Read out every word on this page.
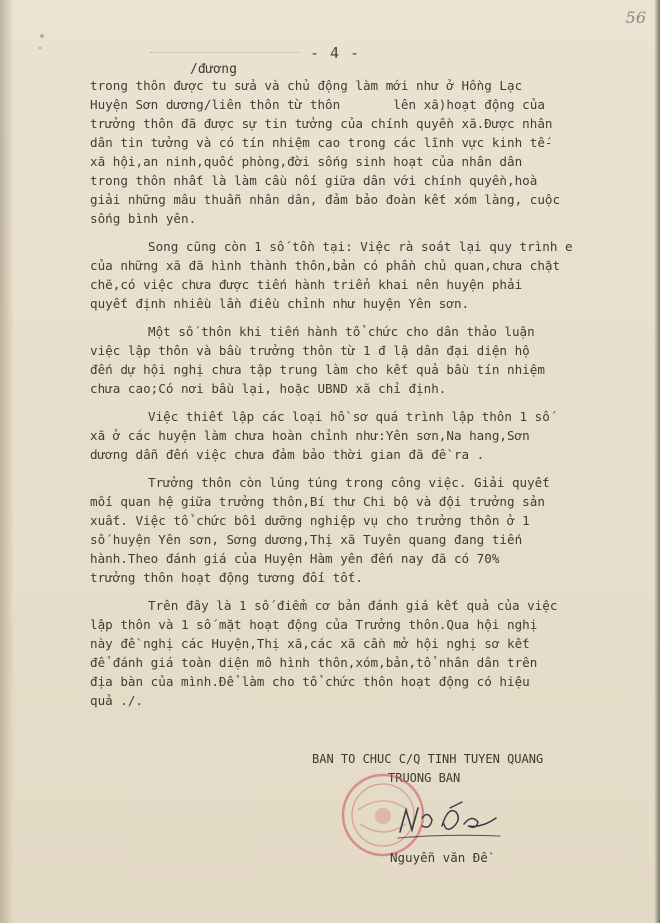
56
- 4 -
/đương
trong thôn được tu sửa và chủ động làm mới như ở Hồng Lạc
Huyện Sơn dương/liên thôn từ thôn       lên xã)hoạt động của
trưởng thôn đã được sự tin tưởng của chính quyền xã.Được nhân
dân tin tưởng và có tín nhiệm cao trong các lĩnh vực kinh tế-
xã hội,an ninh,quốc phòng,đời sống sinh hoạt của nhân dân
trong thôn nhất là làm cầu nối giữa dân với chính quyền,hoà
giải những mâu thuẫn nhân dân, đảm bảo đoàn kết xóm làng, cuộc
sống bình yên.
Song cũng còn 1 số tồn tại: Việc rà soát lại quy trình e
của những xã đã hình thành thôn,bản có phần chủ quan,chưa chặt
chẽ,có việc chưa được tiến hành triển khai nên huyện phải
quyết định nhiều lần điều chỉnh như huyện Yên sơn.
Một số thôn khi tiến hành tổ chức cho dân thảo luận
việc lập thôn và bầu trưởng thôn từ 1 đ lậ dân đại diện hộ
đến dự hội nghị chưa tập trung làm cho kết quả bầu tín nhiệm
chưa cao;Có nơi bầu lại, hoặc UBND xã chỉ định.
Việc thiết lập các loại hồ sơ quá trình lập thôn 1 số
xã ở các huyện làm chưa hoàn chỉnh như:Yên sơn,Na hang,Sơn
dương dẫn đến việc chưa đảm bảo thời gian đã đề ra .
Trưởng thôn còn lúng túng trong công việc. Giải quyết
mối quan hệ giữa trưởng thôn,Bí thư Chi bộ và đội trưởng sản
xuất. Việc tổ chức bồi dưỡng nghiệp vụ cho trưởng thôn ở 1
số huyện Yên sơn, Sơng dương,Thị xã Tuyên quang đang tiến
hành.Theo đánh giá của Huyện Hàm yên đến nay đã có 70%
trưởng thôn hoạt động tương đối tốt.
Trên đây là 1 số điểm cơ bản đánh giá kết quả của việc
lập thôn và 1 số mặt hoạt động của Trưởng thôn.Qua hội nghị
này đề nghị các Huyện,Thị xã,các xã cần mở hội nghị sơ kết
để đánh giá toàn diện mô hình thôn,xóm,bản,tổ nhân dân trên
địa bàn của mình.Để làm cho tổ chức thôn hoạt động có hiệu
quả ./.
BAN TO CHUC C/Q TINH TUYEN QUANG
TRUONG BAN
Nguyễn văn Đề
